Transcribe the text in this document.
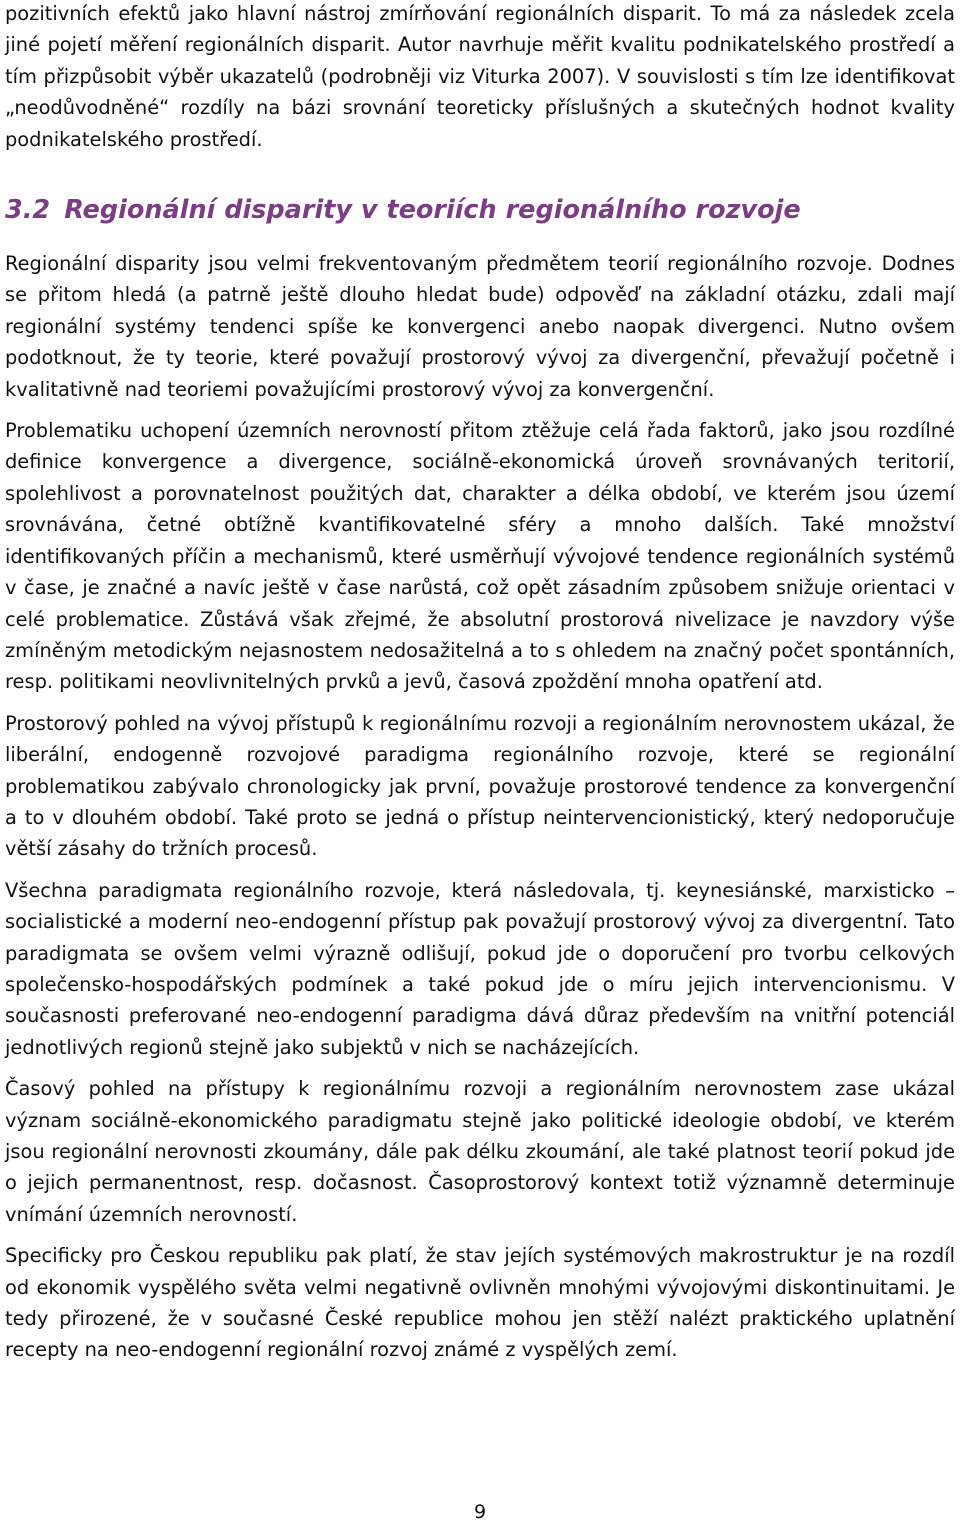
pozitivních efektů jako hlavní nástroj zmírňování regionálních disparit. To má za následek zcela jiné pojetí měření regionálních disparit. Autor navrhuje měřit kvalitu podnikatelského prostředí a tím přizpůsobit výběr ukazatelů (podrobněji viz Viturka 2007). V souvislosti s tím lze identifikovat „neodůvodněné“ rozdíly na bázi srovnání teoreticky příslušných a skutečných hodnot kvality podnikatelského prostředí.

3.2 Regionální disparity v teoriích regionálního rozvoje

Regionální disparity jsou velmi frekventovaným předmětem teorií regionálního rozvoje. Dodnes se přitom hledá (a patrně ještě dlouho hledat bude) odpověď na základní otázku, zdali mají regionální systémy tendenci spíše ke konvergenci anebo naopak divergenci. Nutno ovšem podotknout, že ty teorie, které považují prostorový vývoj za divergenční, převažují početně i kvalitativně nad teoriemi považujícími prostorový vývoj za konvergenční.

Problematiku uchopení územních nerovností přitom ztěžuje celá řada faktorů, jako jsou rozdílné definice konvergence a divergence, sociálně-ekonomická úroveň srovnávaných teritorií, spolehlivost a porovnatelnost použitých dat, charakter a délka období, ve kterém jsou území srovnávána, četné obtížně kvantifikovatelné sféry a mnoho dalších. Také množství identifikovaných příčin a mechanismů, které usměrňují vývojové tendence regionálních systémů v čase, je značné a navíc ještě v čase narůstá, což opět zásadním způsobem snižuje orientaci v celé problematice. Zůstává však zřejmé, že absolutní prostorová nivelizace je navzdory výše zmíněným metodickým nejasnostem nedosažitelná a to s ohledem na značný počet spontánních, resp. politikami neovlivnitelných prvků a jevů, časová zpoždění mnoha opatření atd.

Prostorový pohled na vývoj přístupů k regionálnímu rozvoji a regionálním nerovnostem ukázal, že liberální, endogenně rozvojové paradigma regionálního rozvoje, které se regionální problematikou zabývalo chronologicky jak první, považuje prostorové tendence za konvergenční a to v dlouhém období. Také proto se jedná o přístup neintervencionistický, který nedoporučuje větší zásahy do tržních procesů.

Všechna paradigmata regionálního rozvoje, která následovala, tj. keynesiánské, marxisticko – socialistické a moderní neo-endogenní přístup pak považují prostorový vývoj za divergentní. Tato paradigmata se ovšem velmi výrazně odlišují, pokud jde o doporučení pro tvorbu celkových společensko-hospodářských podmínek a také pokud jde o míru jejich intervencionismu. V současnosti preferované neo-endogenní paradigma dává důraz především na vnitřní potenciál jednotlivých regionů stejně jako subjektů v nich se nacházejících.

Časový pohled na přístupy k regionálnímu rozvoji a regionálním nerovnostem zase ukázal význam sociálně-ekonomického paradigmatu stejně jako politické ideologie období, ve kterém jsou regionální nerovnosti zkoumány, dále pak délku zkoumání, ale také platnost teorií pokud jde o jejich permanentnost, resp. dočasnost. Časoprostorový kontext totiž významně determinuje vnímání územních nerovností.

Specificky pro Českou republiku pak platí, že stav jejích systémových makrostruktur je na rozdíl od ekonomik vyspělého světa velmi negativně ovlivněn mnohými vývojovými diskontinuitami. Je tedy přirozené, že v současné České republice mohou jen stěží nalézt praktického uplatnění recepty na neo-endogenní regionální rozvoj známé z vyspělých zemí.

9
